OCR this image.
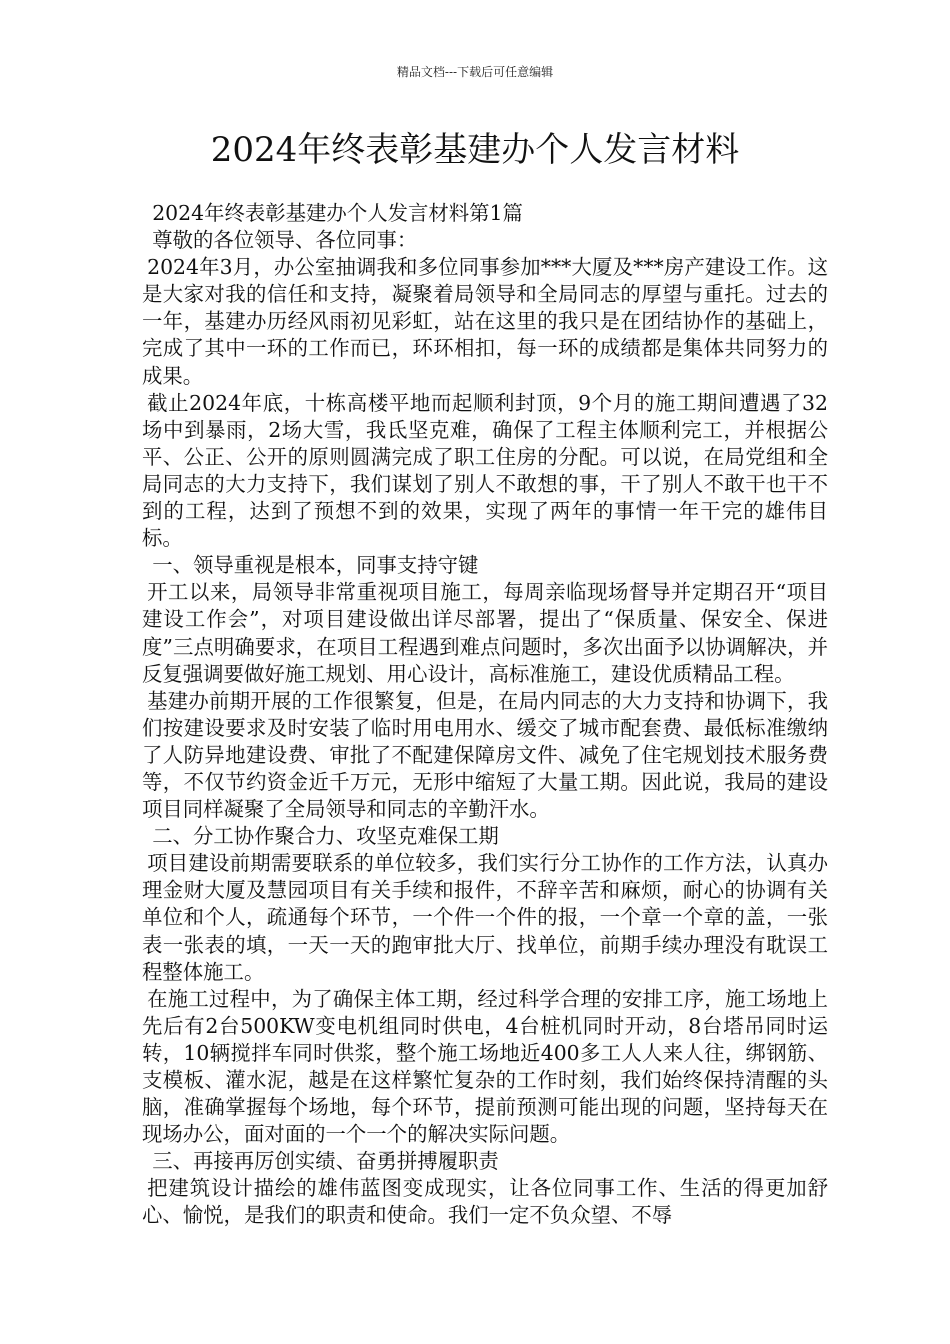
精品文档---下载后可任意编辑
2024年终表彰基建办个人发言材料

2024年终表彰基建办个人发言材料第1篇

尊敬的各位领导、各位同事：

2024年3月，办公室抽调我和多位同事参加***大厦及***房产建设工作。这是大家对我的信任和支持，凝聚着局领导和全局同志的厚望与重托。过去的一年，基建办历经风雨初见彩虹，站在这里的我只是在团结协作的基础上，完成了其中一环的工作而已，环环相扣，每一环的成绩都是集体共同努力的成果。

截止2024年底，十栋高楼平地而起顺利封顶，9个月的施工期间遭遇了32场中到暴雨，2场大雪，我氐坚克难，确保了工程主体顺利完工，并根据公平、公正、公开的原则圆满完成了职工住房的分配。可以说，在局党组和全局同志的大力支持下，我们谋划了别人不敢想的事，干了别人不敢干也干不到的工程，达到了预想不到的效果，实现了两年的事情一年干完的雄伟目标。

一、领导重视是根本，同事支持守键

开工以来，局领导非常重视项目施工，每周亲临现场督导并定期召开“项目建设工作会”，对项目建设做出详尽部署，提出了“保质量、保安全、保进度”三点明确要求，在项目工程遇到难点问题时，多次出面予以协调解决，并反复强调要做好施工规划、用心设计，高标准施工，建设优质精品工程。

基建办前期开展的工作很繁复，但是，在局内同志的大力支持和协调下，我们按建设要求及时安装了临时用电用水、缓交了城市配套费、最低标准缴纳了人防异地建设费、审批了不配建保障房文件、减免了住宅规划技术服务费等，不仅节约资金近千万元，无形中缩短了大量工期。因此说，我局的建设项目同样凝聚了全局领导和同志的辛勤汗水。

二、分工协作聚合力、攻坚克难保工期

项目建设前期需要联系的单位较多，我们实行分工协作的工作方法，认真办理金财大厦及慧园项目有关手续和报件，不辞辛苦和麻烦，耐心的协调有关单位和个人，疏通每个环节，一个件一个件的报，一个章一个章的盖，一张表一张表的填，一天一天的跑审批大厅、找单位，前期手续办理没有耽误工程整体施工。

在施工过程中，为了确保主体工期，经过科学合理的安排工序，施工场地上先后有2台500KW变电机组同时供电，4台桩机同时开动，8台塔吊同时运转，10辆搅拌车同时供浆，整个施工场地近400多工人人来人往，绑钢筋、支模板、灌水泥，越是在这样繁忙复杂的工作时刻，我们始终保持清醒的头脑，准确掌握每个场地，每个环节，提前预测可能出现的问题，坚持每天在现场办公，面对面的一个一个的解决实际问题。

三、再接再厉创实绩、奋勇拼搏履职责

把建筑设计描绘的雄伟蓝图变成现实，让各位同事工作、生活的得更加舒心、愉悦，是我们的职责和使命。我们一定不负众望、不辱
